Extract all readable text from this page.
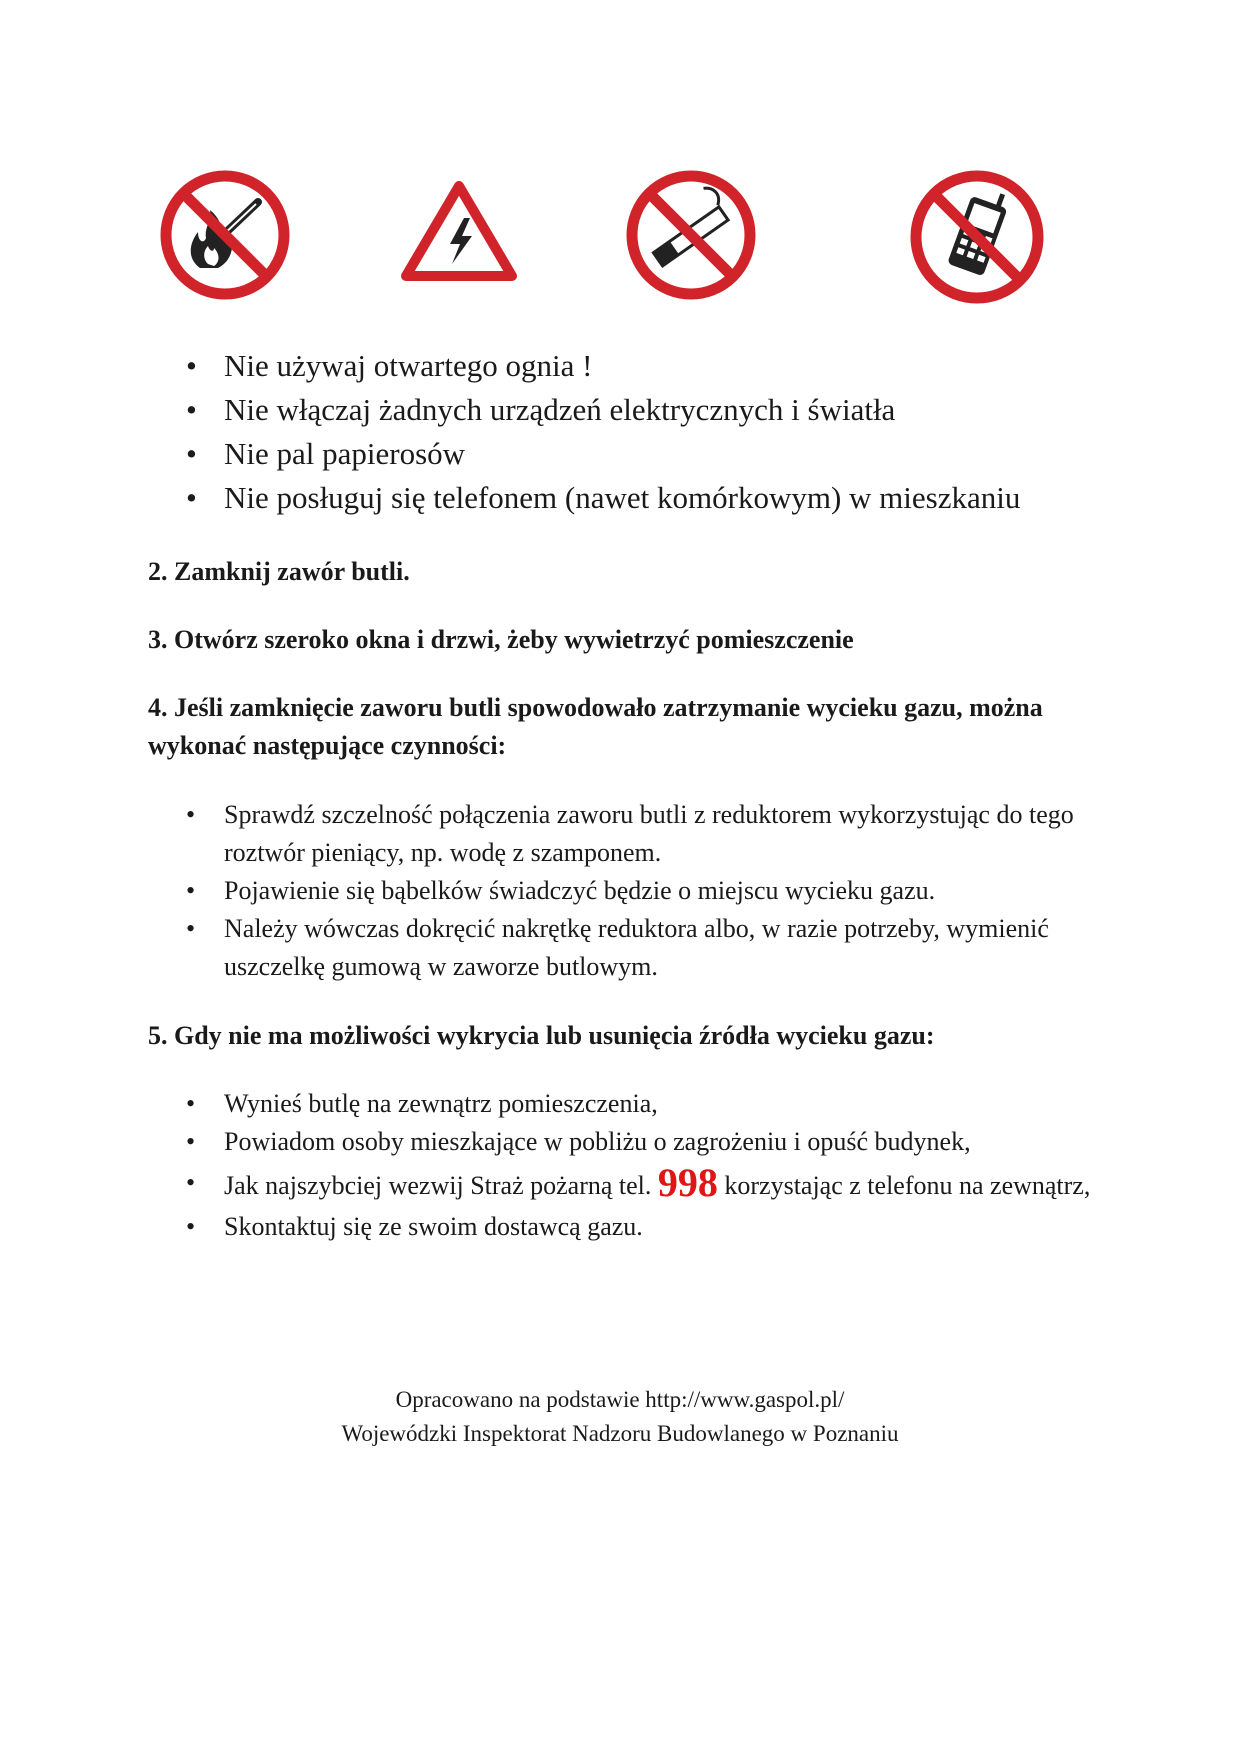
• Nie używaj otwartego ognia !
• Nie włączaj żadnych urządzeń elektrycznych i światła
• Nie pal papierosów
• Nie posługuj się telefonem (nawet komórkowym) w mieszkaniu

2. Zamknij zawór butli.

3. Otwórz szeroko okna i drzwi, żeby wywietrzyć pomieszczenie

4. Jeśli zamknięcie zaworu butli spowodowało zatrzymanie wycieku gazu, można wykonać następujące czynności:

• Sprawdź szczelność połączenia zaworu butli z reduktorem wykorzystując do tego roztwór pieniący, np. wodę z szamponem.
• Pojawienie się bąbelków świadczyć będzie o miejscu wycieku gazu.
• Należy wówczas dokręcić nakrętkę reduktora albo, w razie potrzeby, wymienić uszczelkę gumową w zaworze butlowym.

5. Gdy nie ma możliwości wykrycia lub usunięcia źródła wycieku gazu:

• Wynieś butlę na zewnątrz pomieszczenia,
• Powiadom osoby mieszkające w pobliżu o zagrożeniu i opuść budynek,
• Jak najszybciej wezwij Straż pożarną tel. 998 korzystając z telefonu na zewnątrz,
• Skontaktuj się ze swoim dostawcą gazu.
Opracowano na podstawie http://www.gaspol.pl/
Wojewódzki Inspektorat Nadzoru Budowlanego w Poznaniu
